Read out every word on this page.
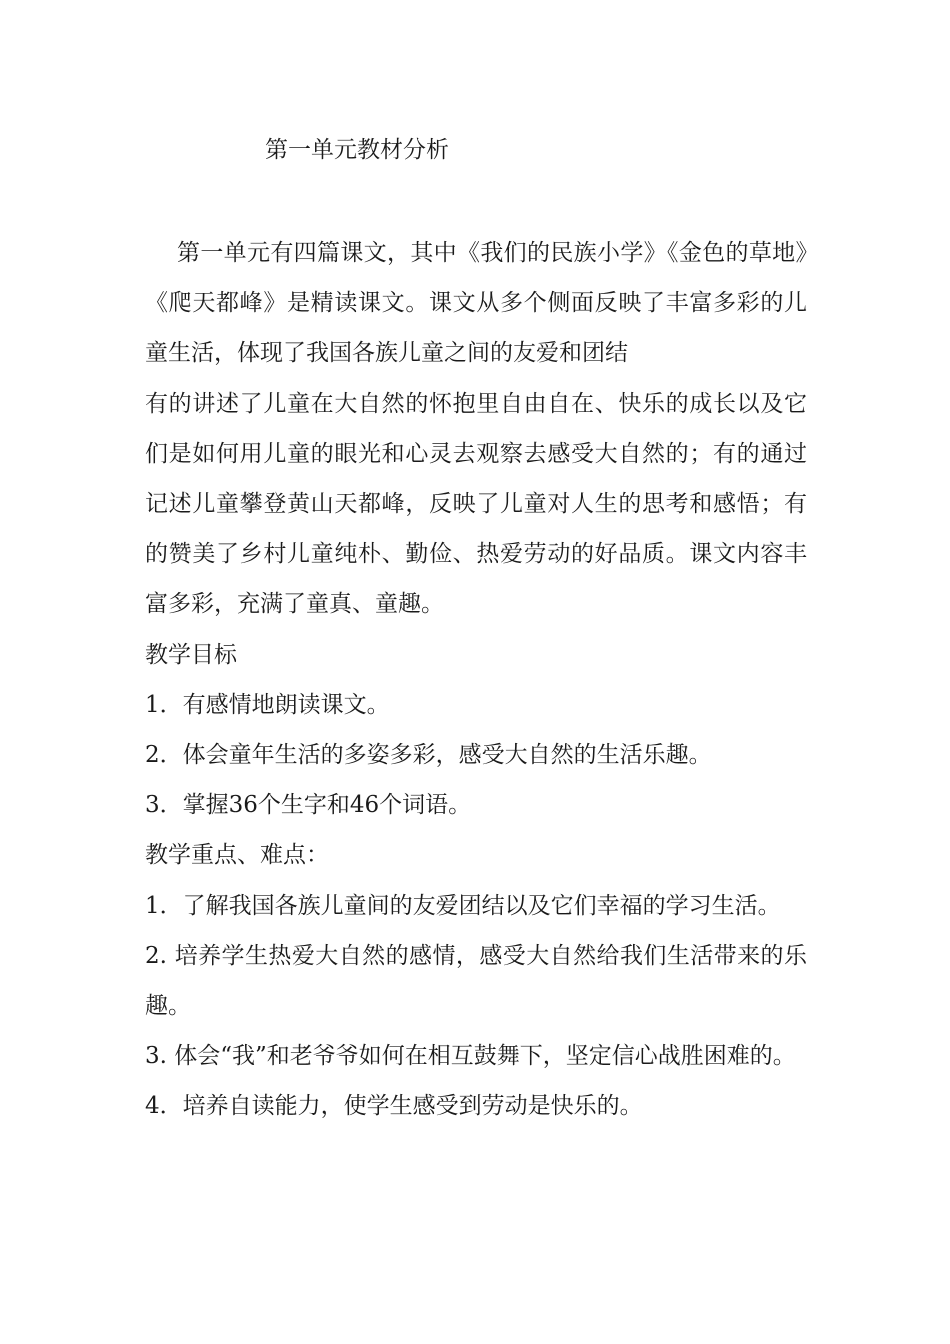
第一单元教材分析

第一单元有四篇课文，其中《我们的民族小学》《金色的草地》《爬天都峰》是精读课文。课文从多个侧面反映了丰富多彩的儿童生活，体现了我国各族儿童之间的友爱和团结

有的讲述了儿童在大自然的怀抱里自由自在、快乐的成长以及它们是如何用儿童的眼光和心灵去观察去感受大自然的；有的通过记述儿童攀登黄山天都峰，反映了儿童对人生的思考和感悟；有的赞美了乡村儿童纯朴、勤俭、热爱劳动的好品质。课文内容丰富多彩，充满了童真、童趣。

教学目标

1．有感情地朗读课文。

2．体会童年生活的多姿多彩，感受大自然的生活乐趣。

3．掌握36个生字和46个词语。

教学重点、难点：

1．了解我国各族儿童间的友爱团结以及它们幸福的学习生活。

2. 培养学生热爱大自然的感情，感受大自然给我们生活带来的乐趣。

3. 体会“我”和老爷爷如何在相互鼓舞下，坚定信心战胜困难的。

4．培养自读能力，使学生感受到劳动是快乐的。
